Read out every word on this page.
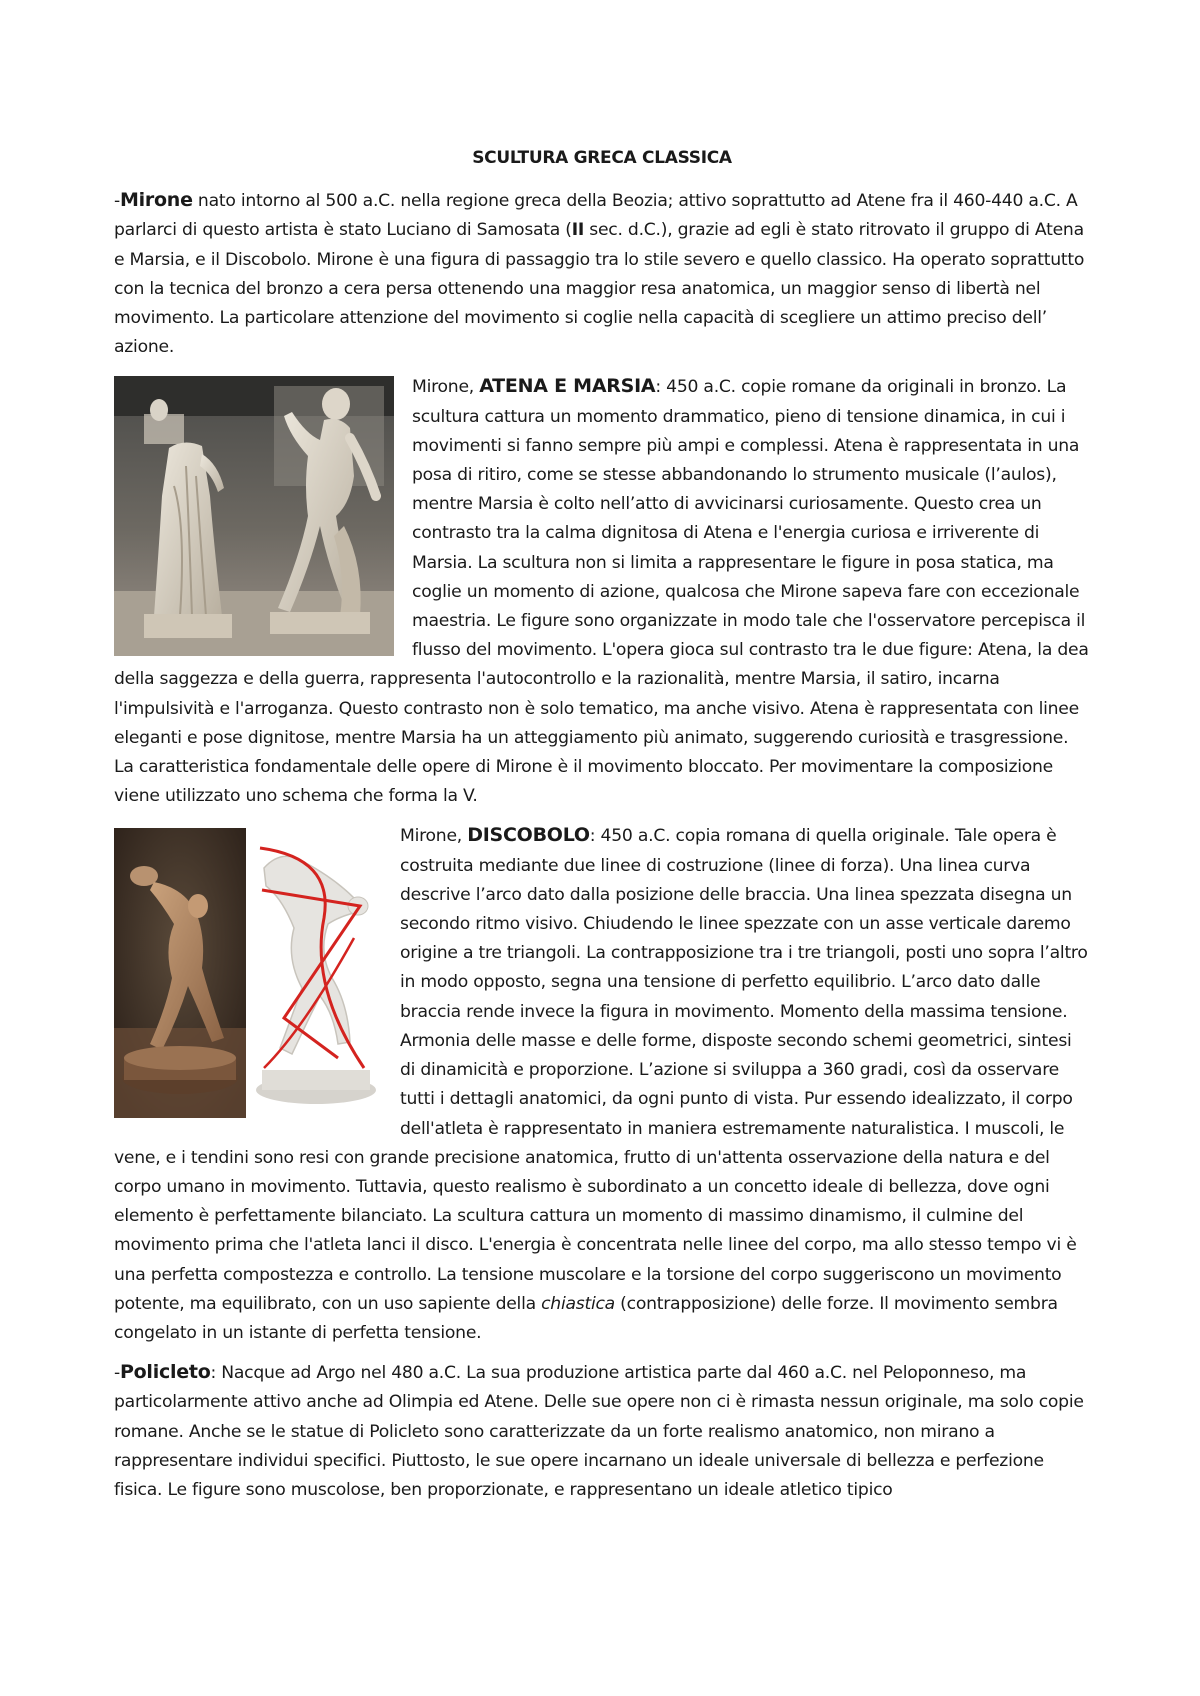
SCULTURA GRECA CLASSICA

-Mirone nato intorno al 500 a.C. nella regione greca della Beozia; attivo soprattutto ad Atene fra il 460-440 a.C. A parlarci di questo artista è stato Luciano di Samosata (II sec. d.C.), grazie ad egli è stato ritrovato il gruppo di Atena e Marsia, e il Discobolo. Mirone è una figura di passaggio tra lo stile severo e quello classico. Ha operato soprattutto con la tecnica del bronzo a cera persa ottenendo una maggior resa anatomica, un maggior senso di libertà nel movimento. La particolare attenzione del movimento si coglie nella capacità di scegliere un attimo preciso dell’ azione.

Mirone, ATENA E MARSIA: 450 a.C. copie romane da originali in bronzo. La scultura cattura un momento drammatico, pieno di tensione dinamica, in cui i movimenti si fanno sempre più ampi e complessi. Atena è rappresentata in una posa di ritiro, come se stesse abbandonando lo strumento musicale (l’aulos), mentre Marsia è colto nell’atto di avvicinarsi curiosamente. Questo crea un contrasto tra la calma dignitosa di Atena e l'energia curiosa e irriverente di Marsia. La scultura non si limita a rappresentare le figure in posa statica, ma coglie un momento di azione, qualcosa che Mirone sapeva fare con eccezionale maestria. Le figure sono organizzate in modo tale che l'osservatore percepisca il flusso del movimento. L'opera gioca sul contrasto tra le due figure: Atena, la dea della saggezza e della guerra, rappresenta l'autocontrollo e la razionalità, mentre Marsia, il satiro, incarna l'impulsività e l'arroganza. Questo contrasto non è solo tematico, ma anche visivo. Atena è rappresentata con linee eleganti e pose dignitose, mentre Marsia ha un atteggiamento più animato, suggerendo curiosità e trasgressione. La caratteristica fondamentale delle opere di Mirone è il movimento bloccato. Per movimentare la composizione viene utilizzato uno schema che forma la V.

Mirone, DISCOBOLO: 450 a.C. copia romana di quella originale. Tale opera è costruita mediante due linee di costruzione (linee di forza). Una linea curva descrive l’arco dato dalla posizione delle braccia. Una linea spezzata disegna un secondo ritmo visivo. Chiudendo le linee spezzate con un asse verticale daremo origine a tre triangoli. La contrapposizione tra i tre triangoli, posti uno sopra l’altro in modo opposto, segna una tensione di perfetto equilibrio. L’arco dato dalle braccia rende invece la figura in movimento. Momento della massima tensione. Armonia delle masse e delle forme, disposte secondo schemi geometrici, sintesi di dinamicità e proporzione. L’azione si sviluppa a 360 gradi, così da osservare tutti i dettagli anatomici, da ogni punto di vista. Pur essendo idealizzato, il corpo dell'atleta è rappresentato in maniera estremamente naturalistica. I muscoli, le vene, e i tendini sono resi con grande precisione anatomica, frutto di un'attenta osservazione della natura e del corpo umano in movimento. Tuttavia, questo realismo è subordinato a un concetto ideale di bellezza, dove ogni elemento è perfettamente bilanciato. La scultura cattura un momento di massimo dinamismo, il culmine del movimento prima che l'atleta lanci il disco. L'energia è concentrata nelle linee del corpo, ma allo stesso tempo vi è una perfetta compostezza e controllo. La tensione muscolare e la torsione del corpo suggeriscono un movimento potente, ma equilibrato, con un uso sapiente della chiastica (contrapposizione) delle forze. Il movimento sembra congelato in un istante di perfetta tensione.

-Policleto: Nacque ad Argo nel 480 a.C. La sua produzione artistica parte dal 460 a.C. nel Peloponneso, ma particolarmente attivo anche ad Olimpia ed Atene. Delle sue opere non ci è rimasta nessun originale, ma solo copie romane. Anche se le statue di Policleto sono caratterizzate da un forte realismo anatomico, non mirano a rappresentare individui specifici. Piuttosto, le sue opere incarnano un ideale universale di bellezza e perfezione fisica. Le figure sono muscolose, ben proporzionate, e rappresentano un ideale atletico tipico
